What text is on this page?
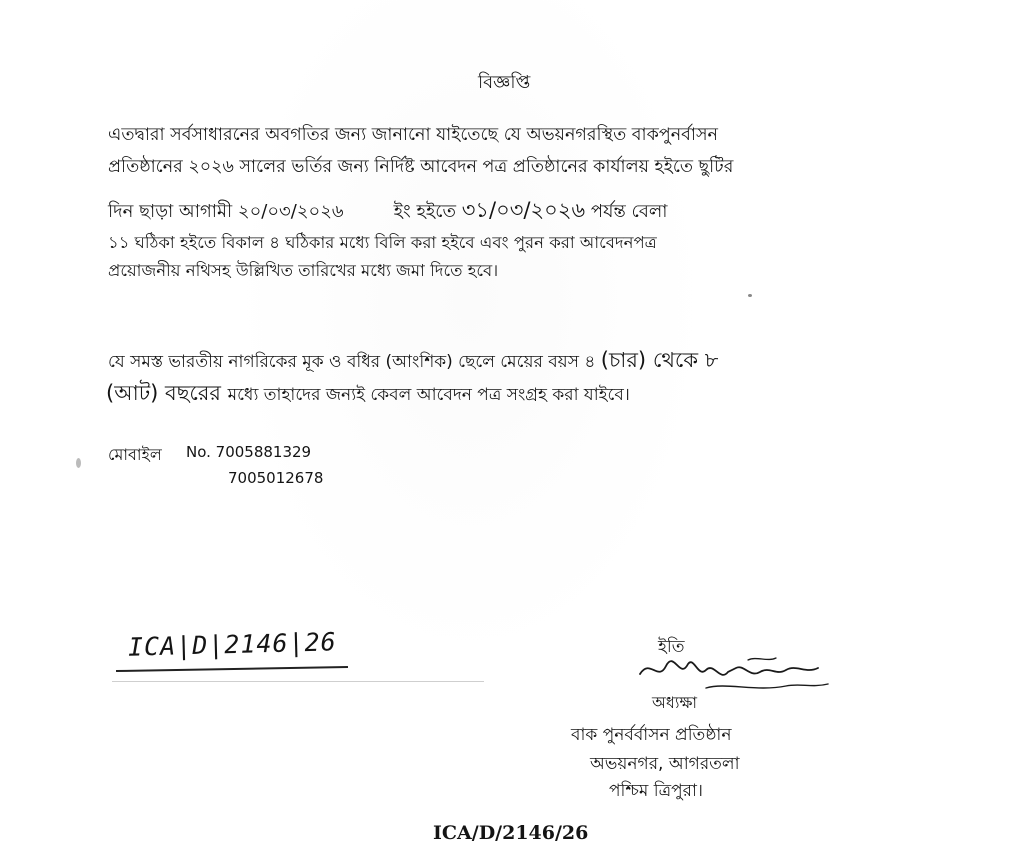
বিজ্ঞপ্তি
এতদ্বারা সর্বসাধারনের অবগতির জন্য জানানো যাইতেছে যে অভয়নগরস্থিত বাকপুনর্বাসন
প্রতিষ্ঠানের ২০২৬ সালের ভর্তির জন্য নির্দিষ্ট আবেদন পত্র প্রতিষ্ঠানের কার্যালয় হইতে ছুটির
দিন ছাড়া আগামী ২০/০৩/২০২৬	ইং হইতে ৩১/০৩/২০২৬ পর্যন্ত বেলা
১১ ঘঠিকা হইতে বিকাল ৪ ঘঠিকার মধ্যে বিলি করা হইবে এবং পুরন করা আবেদনপত্র
প্রয়োজনীয় নথিসহ উল্লিখিত তারিখের মধ্যে জমা দিতে হবে।
যে সমস্ত ভারতীয় নাগরিকের মূক ও বধির (আংশিক) ছেলে মেয়ের বয়স ৪ (চার) থেকে ৮
(আট) বছরের মধ্যে তাহাদের জন্যই কেবল আবেদন পত্র সংগ্রহ করা যাইবে।
মোবাইল No. 7005881329
7005012678
ICA|D|2146|26	ইতি
অধ্যক্ষা
বাক পুনর্বর্বাসন প্রতিষ্ঠান
অভয়নগর, আগরতলা
পশ্চিম ত্রিপুরা।
ICA/D/2146/26
